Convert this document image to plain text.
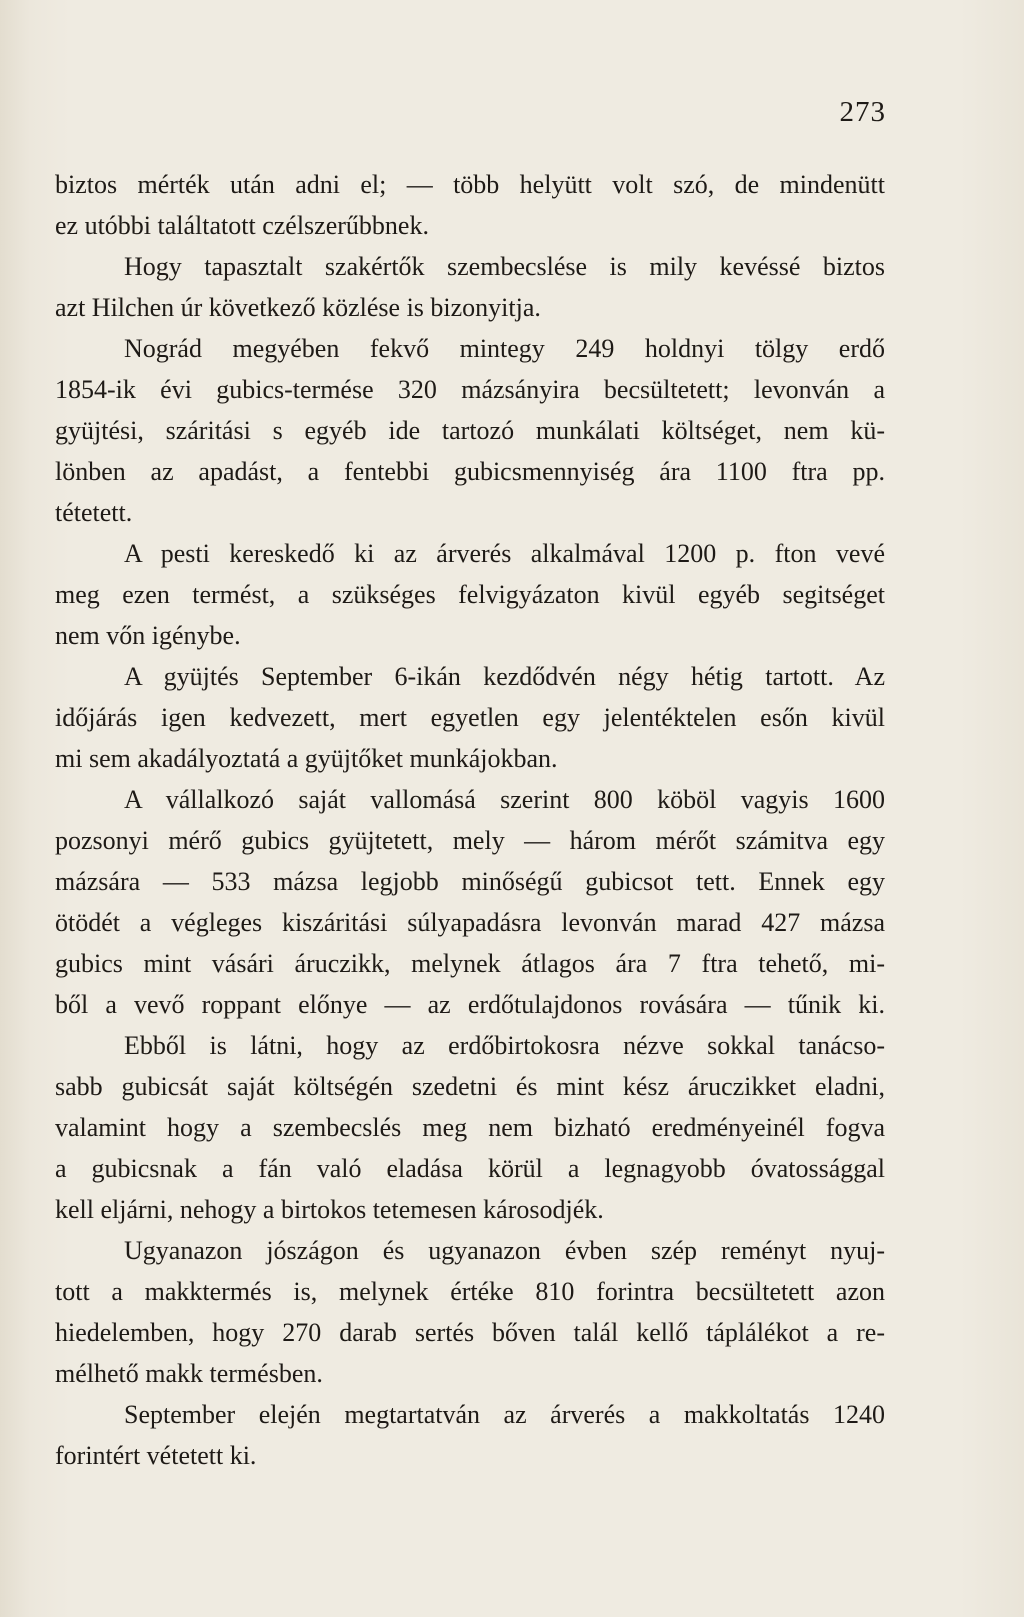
273
biztos mérték után adni el; — több helyütt volt szó, de mindenütt
ez utóbbi találtatott czélszerűbbnek.
Hogy tapasztalt szakértők szembecslése is mily kevéssé biztos
azt Hilchen úr következő közlése is bizonyitja.
Nográd megyében fekvő mintegy 249 holdnyi tölgy erdő
1854-ik évi gubics-termése 320 mázsányira becsültetett; levonván a
gyüjtési, száritási s egyéb ide tartozó munkálati költséget, nem kü-
lönben az apadást, a fentebbi gubicsmennyiség ára 1100 ftra pp.
tétetett.
A pesti kereskedő ki az árverés alkalmával 1200 p. fton vevé
meg ezen termést, a szükséges felvigyázaton kivül egyéb segitséget
nem vőn igénybe.
A gyüjtés September 6-ikán kezdődvén négy hétig tartott. Az
időjárás igen kedvezett, mert egyetlen egy jelentéktelen esőn kivül
mi sem akadályoztatá a gyüjtőket munkájokban.
A vállalkozó saját vallomásá szerint 800 köböl vagyis 1600
pozsonyi mérő gubics gyüjtetett, mely — három mérőt számitva egy
mázsára — 533 mázsa legjobb minőségű gubicsot tett. Ennek egy
ötödét a végleges kiszáritási súlyapadásra levonván marad 427 mázsa
gubics mint vásári áruczikk, melynek átlagos ára 7 ftra tehető, mi-
ből a vevő roppant előnye — az erdőtulajdonos rovására — tűnik ki.
Ebből is látni, hogy az erdőbirtokosra nézve sokkal tanácso-
sabb gubicsát saját költségén szedetni és mint kész áruczikket eladni,
valamint hogy a szembecslés meg nem bizható eredményeinél fogva
a gubicsnak a fán való eladása körül a legnagyobb óvatossággal
kell eljárni, nehogy a birtokos tetemesen károsodjék.
Ugyanazon jószágon és ugyanazon évben szép reményt nyuj-
tott a makktermés is, melynek értéke 810 forintra becsültetett azon
hiedelemben, hogy 270 darab sertés bőven talál kellő táplálékot a re-
mélhető makk termésben.
September elején megtartatván az árverés a makkoltatás 1240
forintért vétetett ki.
